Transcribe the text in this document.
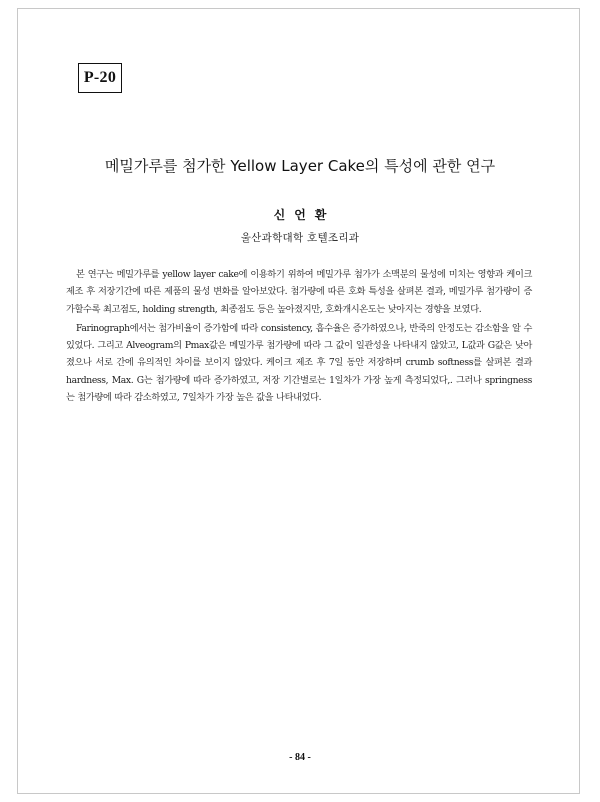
P-20
메밀가루를 첨가한 Yellow Layer Cake의 특성에 관한 연구
신언환
울산과학대학 호텔조리과

본 연구는 메밀가루를 yellow layer cake에 이용하기 위하여 메밀가루 첨가가 소맥분의 물성에 미치는 영향과 케이크 제조 후 저장기간에 따른 제품의 물성 변화를 알아보았다. 첨가량에 따른 호화 특성을 살펴본 결과, 메밀가루 첨가량이 증가할수록 최고점도, holding strength, 최종점도 등은 높아졌지만, 호화개시온도는 낮아지는 경향을 보였다.

Farinograph에서는 첨가비율이 증가함에 따라 consistency, 흡수율은 증가하였으나, 반죽의 안정도는 감소함을 알 수 있었다. 그리고 Alveogram의 Pmax값은 메밀가루 첨가량에 따라 그 값이 일관성을 나타내지 않았고, L값과 G값은 낮아졌으나 서로 간에 유의적인 차이를 보이지 않았다. 케이크 제조 후 7일 동안 저장하며 crumb softness를 살펴본 결과 hardness, Max. G는 첨가량에 따라 증가하였고, 저장 기간별로는 1일차가 가장 높게 측정되었다,. 그러나 springness는 첨가량에 따라 감소하였고, 7일차가 가장 높은 값을 나타내었다.

- 84 -
